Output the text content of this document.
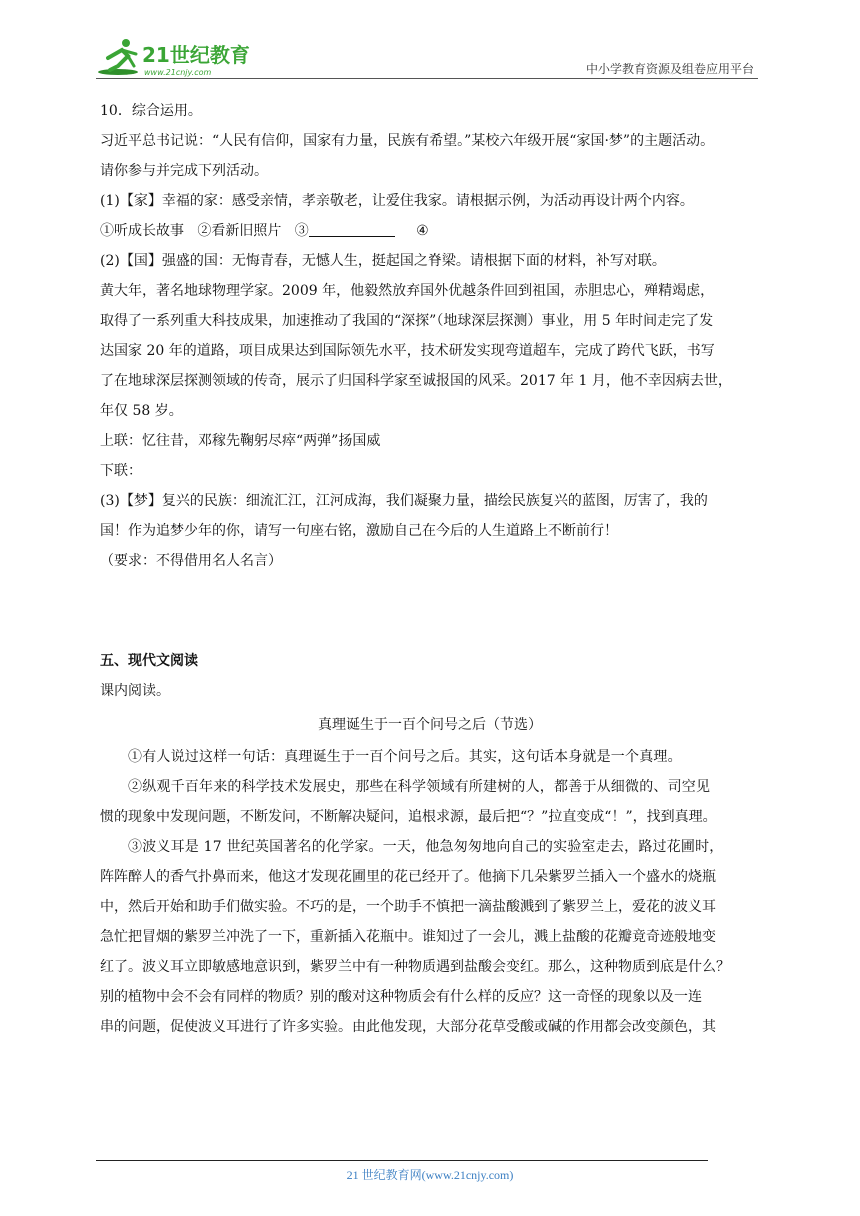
21世纪教育
www.21cnjy.com	中小学教育资源及组卷应用平台

10．综合运用。

习近平总书记说：“人民有信仰，国家有力量，民族有希望。”某校六年级开展“家国·梦”的主题活动。

请你参与并完成下列活动。

(1)【家】幸福的家：感受亲情，孝亲敬老，让爱住我家。请根据示例，为活动再设计两个内容。

①听成长故事 ②看新旧照片 ③	④

(2)【国】强盛的国：无悔青春，无憾人生，挺起国之脊梁。请根据下面的材料，补写对联。

黄大年，著名地球物理学家。2009 年，他毅然放弃国外优越条件回到祖国，赤胆忠心，殚精竭虑，

取得了一系列重大科技成果，加速推动了我国的“深探”（地球深层探测）事业，用 5 年时间走完了发

达国家 20 年的道路，项目成果达到国际领先水平，技术研发实现弯道超车，完成了跨代飞跃，书写

了在地球深层探测领域的传奇，展示了归国科学家至诚报国的风采。2017 年 1 月，他不幸因病去世，

年仅 58 岁。

上联：忆往昔，邓稼先鞠躬尽瘁“两弹”扬国威

下联：

(3)【梦】复兴的民族：细流汇江，江河成海，我们凝聚力量，描绘民族复兴的蓝图，厉害了，我的

国！作为追梦少年的你，请写一句座右铭，激励自己在今后的人生道路上不断前行！

（要求：不得借用名人名言）

五、现代文阅读

课内阅读。

真理诞生于一百个问号之后（节选）

①有人说过这样一句话：真理诞生于一百个问号之后。其实，这句话本身就是一个真理。

②纵观千百年来的科学技术发展史，那些在科学领域有所建树的人，都善于从细微的、司空见

惯的现象中发现问题，不断发问，不断解决疑问，追根求源，最后把“？”拉直变成“！”，找到真理。

③波义耳是 17 世纪英国著名的化学家。一天，他急匆匆地向自己的实验室走去，路过花圃时，

阵阵醉人的香气扑鼻而来，他这才发现花圃里的花已经开了。他摘下几朵紫罗兰插入一个盛水的烧瓶

中，然后开始和助手们做实验。不巧的是，一个助手不慎把一滴盐酸溅到了紫罗兰上，爱花的波义耳

急忙把冒烟的紫罗兰冲洗了一下，重新插入花瓶中。谁知过了一会儿，溅上盐酸的花瓣竟奇迹般地变

红了。波义耳立即敏感地意识到，紫罗兰中有一种物质遇到盐酸会变红。那么，这种物质到底是什么？

别的植物中会不会有同样的物质？别的酸对这种物质会有什么样的反应？这一奇怪的现象以及一连

串的问题，促使波义耳进行了许多实验。由此他发现，大部分花草受酸或碱的作用都会改变颜色，其

21 世纪教育网(www.21cnjy.com)
